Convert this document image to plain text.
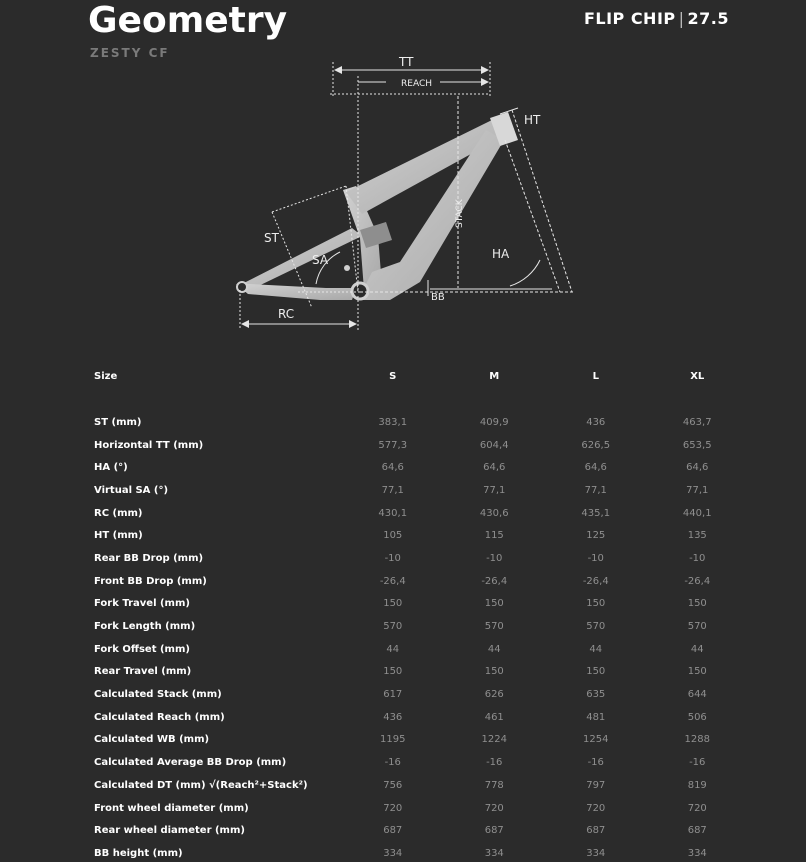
Geometry
ZESTY CF
FLIP CHIP | 27.5
TT
REACH
HT
ST
SA
STACK
HA
BB
RC
Size	S	M	L	XL

ST (mm)	383,1	409,9	436	463,7
Horizontal TT (mm)	577,3	604,4	626,5	653,5
HA (°)	64,6	64,6	64,6	64,6
Virtual SA (°)	77,1	77,1	77,1	77,1
RC (mm)	430,1	430,6	435,1	440,1
HT (mm)	105	115	125	135
Rear BB Drop (mm)	-10	-10	-10	-10
Front BB Drop (mm)	-26,4	-26,4	-26,4	-26,4
Fork Travel (mm)	150	150	150	150
Fork Length (mm)	570	570	570	570
Fork Offset (mm)	44	44	44	44
Rear Travel (mm)	150	150	150	150
Calculated Stack (mm)	617	626	635	644
Calculated Reach (mm)	436	461	481	506
Calculated WB (mm)	1195	1224	1254	1288
Calculated Average BB Drop (mm)	-16	-16	-16	-16
Calculated DT (mm) √(Reach²+Stack²)	756	778	797	819
Front wheel diameter (mm)	720	720	720	720
Rear wheel diameter (mm)	687	687	687	687
BB height (mm)	334	334	334	334
